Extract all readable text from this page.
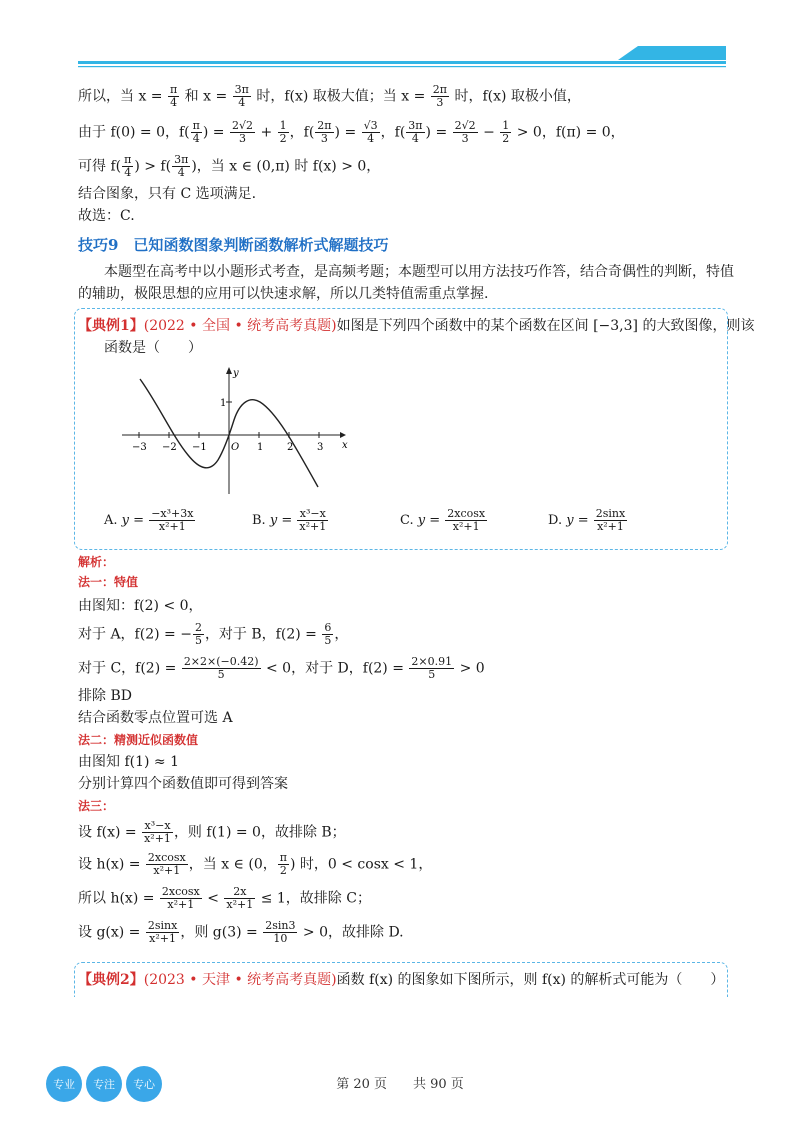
所以，当 $x = \frac{\pi}{4}$ 和 $x = \frac{3\pi}{4}$ 时，f(x) 取极大值；当 $x = \frac{2\pi}{3}$ 时，f(x) 取极小值，
由于 f(0) = 0，$f( \frac{\pi}{4}$ ) = $\frac{2√2}{3} + \frac{1}{2}$ ，$f( \frac{2\pi}{3}$ ) = $\frac{√3}{4}$ ，$f( \frac{3\pi}{4}$ ) = $\frac{2√2}{3} - \frac{1}{2} > 0$，f(π) = 0，
可得 $f( \frac{\pi}{4}$ ) > $f( \frac{3\pi}{4}$ )，当 x ∈ (0,π) 时 f(x) > 0，
结合图象，只有 C 选项满足.
故选：C.
技巧9　已知函数图象判断函数解析式解题技巧
本题型在高考中以小题形式考查，是高频考题；本题型可以用方法技巧作答，结合奇偶性的判断，特值
的辅助，极限思想的应用可以快速求解，所以几类特值需重点掌握.
【典例1】(2022 • 全国 • 统考高考真题)如图是下列四个函数中的某个函数在区间 [−3,3] 的大致图像，则该
函数是（　　）
−3 −2 −1 O 1 2 3
1
x
y
A. $y = \frac{\text{−x³+3x}}{\text{x²+1}}$	B. $y = \frac{\text{x³−x}}{\text{x²+1}}$	C. $y = \frac{2xcosx}{\text{x²+1}}$	D. $y = \frac{2\sin x}{\text{x²+1}}$
解析：
法一：特值
由图知：f(2) < 0，
对于 A，f(2) = − $\frac{2}{5}$ ，对于 B，$f(2) = \frac{6}{5}$ ，
对于 C，$f(2) = \frac{2\times 2\times(-0.42)}{5} < 0$，对于 D，$f(2) = \frac{2\times 0.91}{5} > 0$
排除 BD
结合函数零点位置可选 A
法二：精测近似函数值
由图知 f(1) ≈ 1
分别计算四个函数值即可得到答案
法三：
设 $f(x) = \frac{\text{x³−x}}{\text{x²+1}}$ ，则 f(1) = 0，故排除 B；
设 $h(x) = \frac{2xcosx}{\text{x²+1}}$ ，当 x ∈ (0， $\frac{\pi}{2}$ ) 时，0 < cosx < 1，
所以 $h(x) = \frac{2xcosx}{\text{x²+1}} < \frac{2x}{\text{x²+1}} \le 1$，故排除 C；
设 $g(x) = \frac{2\sin x}{\text{x²+1}}$ ，则 $g(3) = \frac{2\sin 3}{10} > 0$，故排除 D.
【典例2】(2023 • 天津 • 统考高考真题)函数 f(x) 的图象如下图所示，则 f(x) 的解析式可能为（　　）
专业	专注	专心	第 20 页　　共 90 页
